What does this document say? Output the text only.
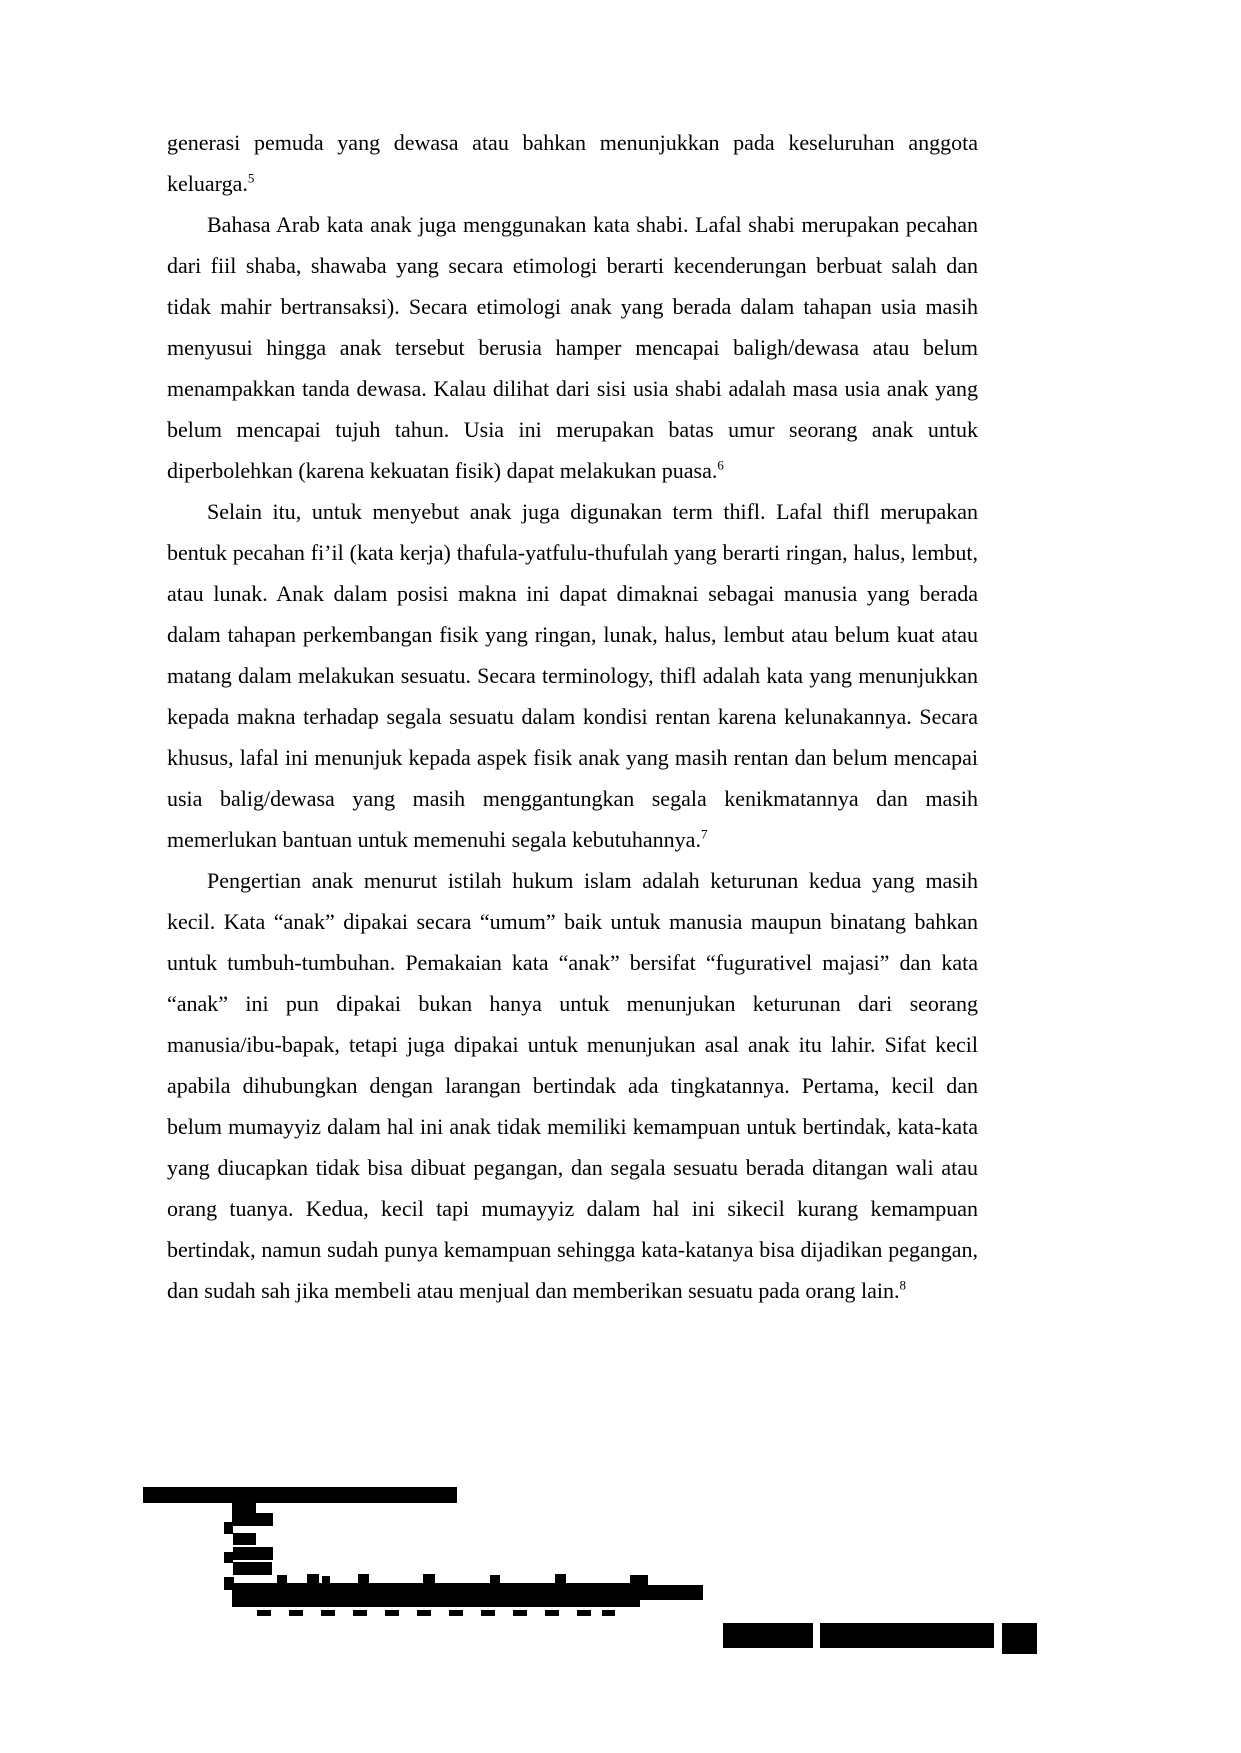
generasi pemuda yang dewasa atau bahkan menunjukkan pada keseluruhan anggota keluarga.$^5$

Bahasa Arab kata anak juga menggunakan kata shabi. Lafal shabi merupakan pecahan dari fiil shaba, shawaba yang secara etimologi berarti kecenderungan berbuat salah dan tidak mahir bertransaksi). Secara etimologi anak yang berada dalam tahapan usia masih menyusui hingga anak tersebut berusia hamper mencapai baligh/dewasa atau belum menampakkan tanda dewasa. Kalau dilihat dari sisi usia shabi adalah masa usia anak yang belum mencapai tujuh tahun. Usia ini merupakan batas umur seorang anak untuk diperbolehkan (karena kekuatan fisik) dapat melakukan puasa.$^6$

Selain itu, untuk menyebut anak juga digunakan term thifl. Lafal thifl merupakan bentuk pecahan fi’il (kata kerja) thafula-yatfulu-thufulah yang berarti ringan, halus, lembut, atau lunak. Anak dalam posisi makna ini dapat dimaknai sebagai manusia yang berada dalam tahapan perkembangan fisik yang ringan, lunak, halus, lembut atau belum kuat atau matang dalam melakukan sesuatu. Secara terminology, thifl adalah kata yang menunjukkan kepada makna terhadap segala sesuatu dalam kondisi rentan karena kelunakannya. Secara khusus, lafal ini menunjuk kepada aspek fisik anak yang masih rentan dan belum mencapai usia balig/dewasa yang masih menggantungkan segala kenikmatannya dan masih memerlukan bantuan untuk memenuhi segala kebutuhannya.$^7$

Pengertian anak menurut istilah hukum islam adalah keturunan kedua yang masih kecil. Kata “anak” dipakai secara “umum” baik untuk manusia maupun binatang bahkan untuk tumbuh-tumbuhan. Pemakaian kata “anak” bersifat “fugurativel majasi” dan kata “anak” ini pun dipakai bukan hanya untuk menunjukan keturunan dari seorang manusia/ibu-bapak, tetapi juga dipakai untuk menunjukan asal anak itu lahir. Sifat kecil apabila dihubungkan dengan larangan bertindak ada tingkatannya. Pertama, kecil dan belum mumayyiz dalam hal ini anak tidak memiliki kemampuan untuk bertindak, kata-kata yang diucapkan tidak bisa dibuat pegangan, dan segala sesuatu berada ditangan wali atau orang tuanya. Kedua, kecil tapi mumayyiz dalam hal ini sikecil kurang kemampuan bertindak, namun sudah punya kemampuan sehingga kata-katanya bisa dijadikan pegangan, dan sudah sah jika membeli atau menjual dan memberikan sesuatu pada orang lain.$^8$
